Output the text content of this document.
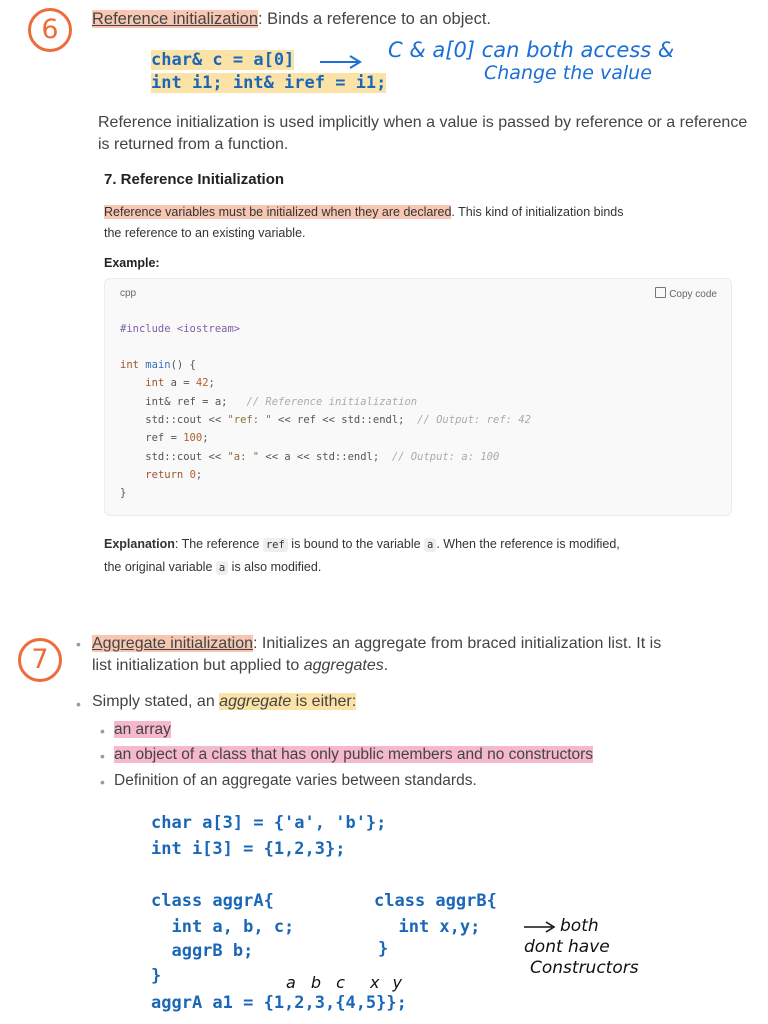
6	Reference initialization: Binds a reference to an object.
char& c = a[0]
int i1; int& iref = i1;
C & a[0] can both access &
Change the value
Reference initialization is used implicitly when a value is passed by reference or a reference is returned from a function.
7. Reference Initialization
Reference variables must be initialized when they are declared. This kind of initialization binds
the reference to an existing variable.
Example:
cpp	Copy code
#include <iostream>
int main() {
int a = 42;
int& ref = a;   // Reference initialization
std::cout << "ref: " << ref << std::endl;  // Output: ref: 42
ref = 100;
std::cout << "a: " << a << std::endl;  // Output: a: 100
return 0;
}
Explanation: The reference ref is bound to the variable a . When the reference is modified,
the original variable a is also modified.
7	• Aggregate initialization: Initializes an aggregate from braced initialization list. It is
list initialization but applied to aggregates.
• Simply stated, an aggregate is either:
• an array
• an object of a class that has only public members and no constructors
• Definition of an aggregate varies between standards.
char a[3] = {'a', 'b'};
int i[3] = {1,2,3};
class aggrA{
int a, b, c;
aggrB b;
}
class aggrB{
int x,y;
}
aggrA a1 = {1,2,3,{4,5}};
a b c x y
both
dont have
Constructors
